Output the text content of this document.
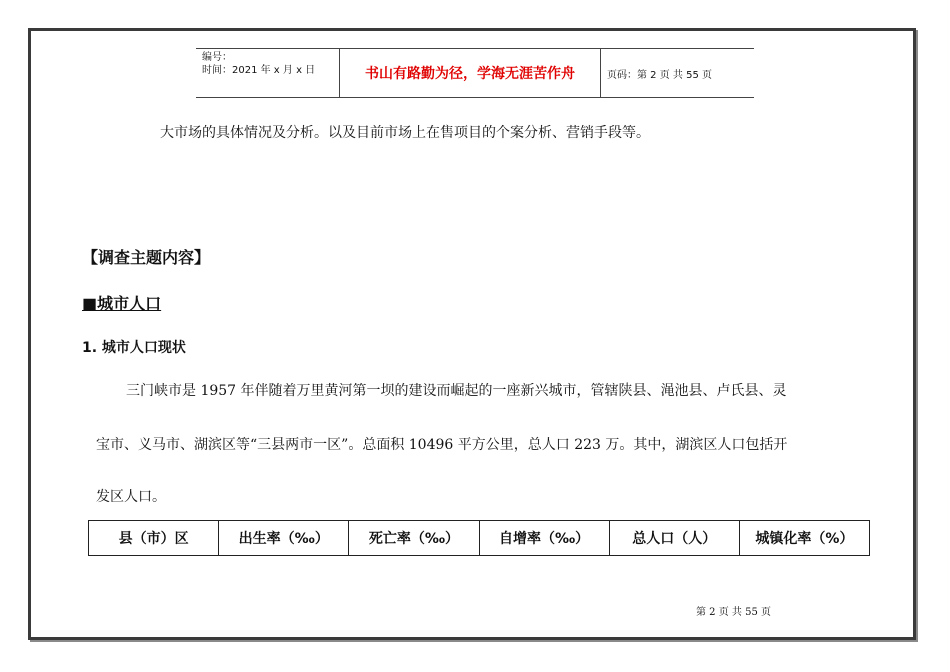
编号：
时间：2021 年 x 月 x 日	书山有路勤为径，学海无涯苦作舟	页码：第 2 页 共 55 页
大市场的具体情况及分析。以及目前市场上在售项目的个案分析、营销手段等。
【调查主题内容】
■城市人口
1. 城市人口现状
三门峡市是 1957 年伴随着万里黄河第一坝的建设而崛起的一座新兴城市，管辖陕县、渑池县、卢氏县、灵
宝市、义马市、湖滨区等“三县两市一区”。总面积 10496 平方公里，总人口 223 万。其中，湖滨区人口包括开
发区人口。
县（市）区	出生率（‰）	死亡率（‰）	自增率（‰）	总人口（人）	城镇化率（%）
第 2 页 共 55 页
